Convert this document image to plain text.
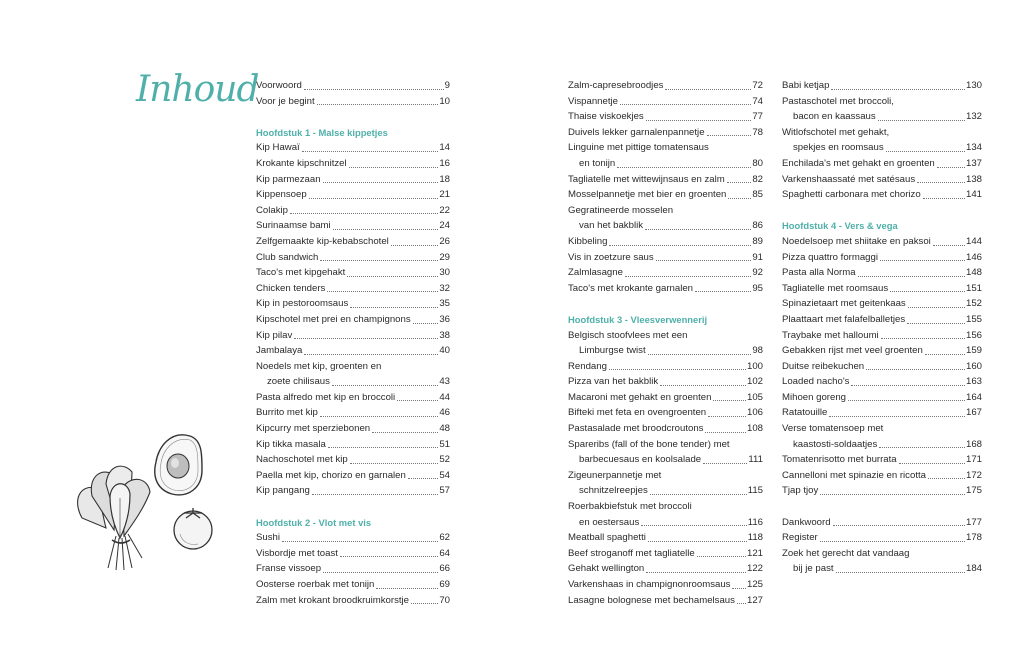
Inhoud
Voorwoord	9
Voor je begint	10
Hoofdstuk 1 - Malse kippetjes
Kip Hawaï	14
Krokante kipschnitzel	16
Kip parmezaan	18
Kippensoep	21
Colakip	22
Surinaamse bami	24
Zelfgemaakte kip-kebabschotel	26
Club sandwich	29
Taco's met kipgehakt	30
Chicken tenders	32
Kip in pestoroomsaus	35
Kipschotel met prei en champignons	36
Kip pilav	38
Jambalaya	40
Noedels met kip, groenten en
zoete chilisaus	43
Pasta alfredo met kip en broccoli	44
Burrito met kip	46
Kipcurry met sperziebonen	48
Kip tikka masala	51
Nachoschotel met kip	52
Paella met kip, chorizo en garnalen	54
Kip pangang	57
Hoofdstuk 2 - Vlot met vis
Sushi	62
Visbordje met toast	64
Franse vissoep	66
Oosterse roerbak met tonijn	69
Zalm met krokant broodkruimkorstje	70
Zalm-capresebroodjes	72
Vispannetje	74
Thaise viskoekjes	77
Duivels lekker garnalenpannetje	78
Linguine met pittige tomatensaus
en tonijn	80
Tagliatelle met wittewijnsaus en zalm	82
Mosselpannetje met bier en groenten	85
Gegratineerde mosselen
van het bakblik	86
Kibbeling	89
Vis in zoetzure saus	91
Zalmlasagne	92
Taco's met krokante garnalen	95
Hoofdstuk 3 - Vleesverwennerij
Belgisch stoofvlees met een
Limburgse twist	98
Rendang	100
Pizza van het bakblik	102
Macaroni met gehakt en groenten	105
Bifteki met feta en ovengroenten	106
Pastasalade met broodcroutons	108
Spareribs (fall of the bone tender) met
barbecuesaus en koolsalade	111
Zigeunerpannetje met
schnitzelreepjes	115
Roerbakbiefstuk met broccoli
en oestersaus	116
Meatball spaghetti	118
Beef stroganoff met tagliatelle	121
Gehakt wellington	122
Varkenshaas in champignonroomsaus 125
Lasagne bolognese met bechamelsaus 127
Babi ketjap	130
Pastaschotel met broccoli,
bacon en kaassaus	132
Witlofschotel met gehakt,
spekjes en roomsaus	134
Enchilada's met gehakt en groenten	137
Varkenshaassaté met satésaus	138
Spaghetti carbonara met chorizo	141
Hoofdstuk 4 - Vers & vega
Noedelsoep met shiitake en paksoi	144
Pizza quattro formaggi	146
Pasta alla Norma	148
Tagliatelle met roomsaus	151
Spinazietaart met geitenkaas	152
Plaattaart met falafelballetjes	155
Traybake met halloumi	156
Gebakken rijst met veel groenten	159
Duitse reibekuchen	160
Loaded nacho's	163
Mihoen goreng	164
Ratatouille	167
Verse tomatensoep met
kaastosti-soldaatjes	168
Tomatenrisotto met burrata	171
Cannelloni met spinazie en ricotta	172
Tjap tjoy	175
Dankwoord	177
Register	178
Zoek het gerecht dat vandaag
bij je past	184
